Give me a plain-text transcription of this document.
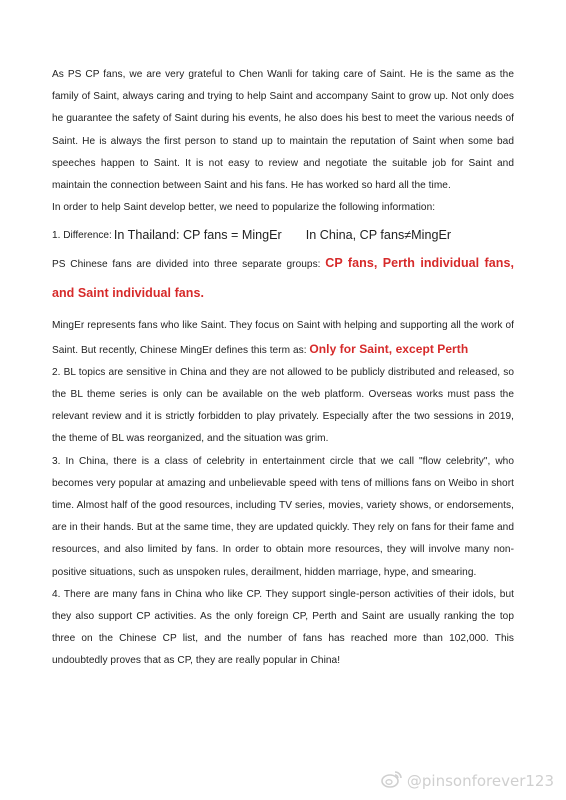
As PS CP fans, we are very grateful to Chen Wanli for taking care of Saint. He is the same as the family of Saint, always caring and trying to help Saint and accompany Saint to grow up. Not only does he guarantee the safety of Saint during his events, he also does his best to meet the various needs of Saint. He is always the first person to stand up to maintain the reputation of Saint when some bad speeches happen to Saint. It is not easy to review and negotiate the suitable job for Saint and maintain the connection between Saint and his fans. He has worked so hard all the time.

In order to help Saint develop better, we need to popularize the following information:

1. Difference: In Thailand: CP fans = MingEr In China, CP fans≠MingEr

PS Chinese fans are divided into three separate groups: CP fans, Perth individual fans, and Saint individual fans.

MingEr represents fans who like Saint. They focus on Saint with helping and supporting all the work of Saint. But recently, Chinese MingEr defines this term as: Only for Saint, except Perth

2. BL topics are sensitive in China and they are not allowed to be publicly distributed and released, so the BL theme series is only can be available on the web platform. Overseas works must pass the relevant review and it is strictly forbidden to play privately. Especially after the two sessions in 2019, the theme of BL was reorganized, and the situation was grim.

3. In China, there is a class of celebrity in entertainment circle that we call "flow celebrity", who becomes very popular at amazing and unbelievable speed with tens of millions fans on Weibo in short time. Almost half of the good resources, including TV series, movies, variety shows, or endorsements, are in their hands. But at the same time, they are updated quickly. They rely on fans for their fame and resources, and also limited by fans. In order to obtain more resources, they will involve many non-positive situations, such as unspoken rules, derailment, hidden marriage, hype, and smearing.

4. There are many fans in China who like CP. They support single-person activities of their idols, but they also support CP activities. As the only foreign CP, Perth and Saint are usually ranking the top three on the Chinese CP list, and the number of fans has reached more than 102,000. This undoubtedly proves that as CP, they are really popular in China!

@pinsonforever123
